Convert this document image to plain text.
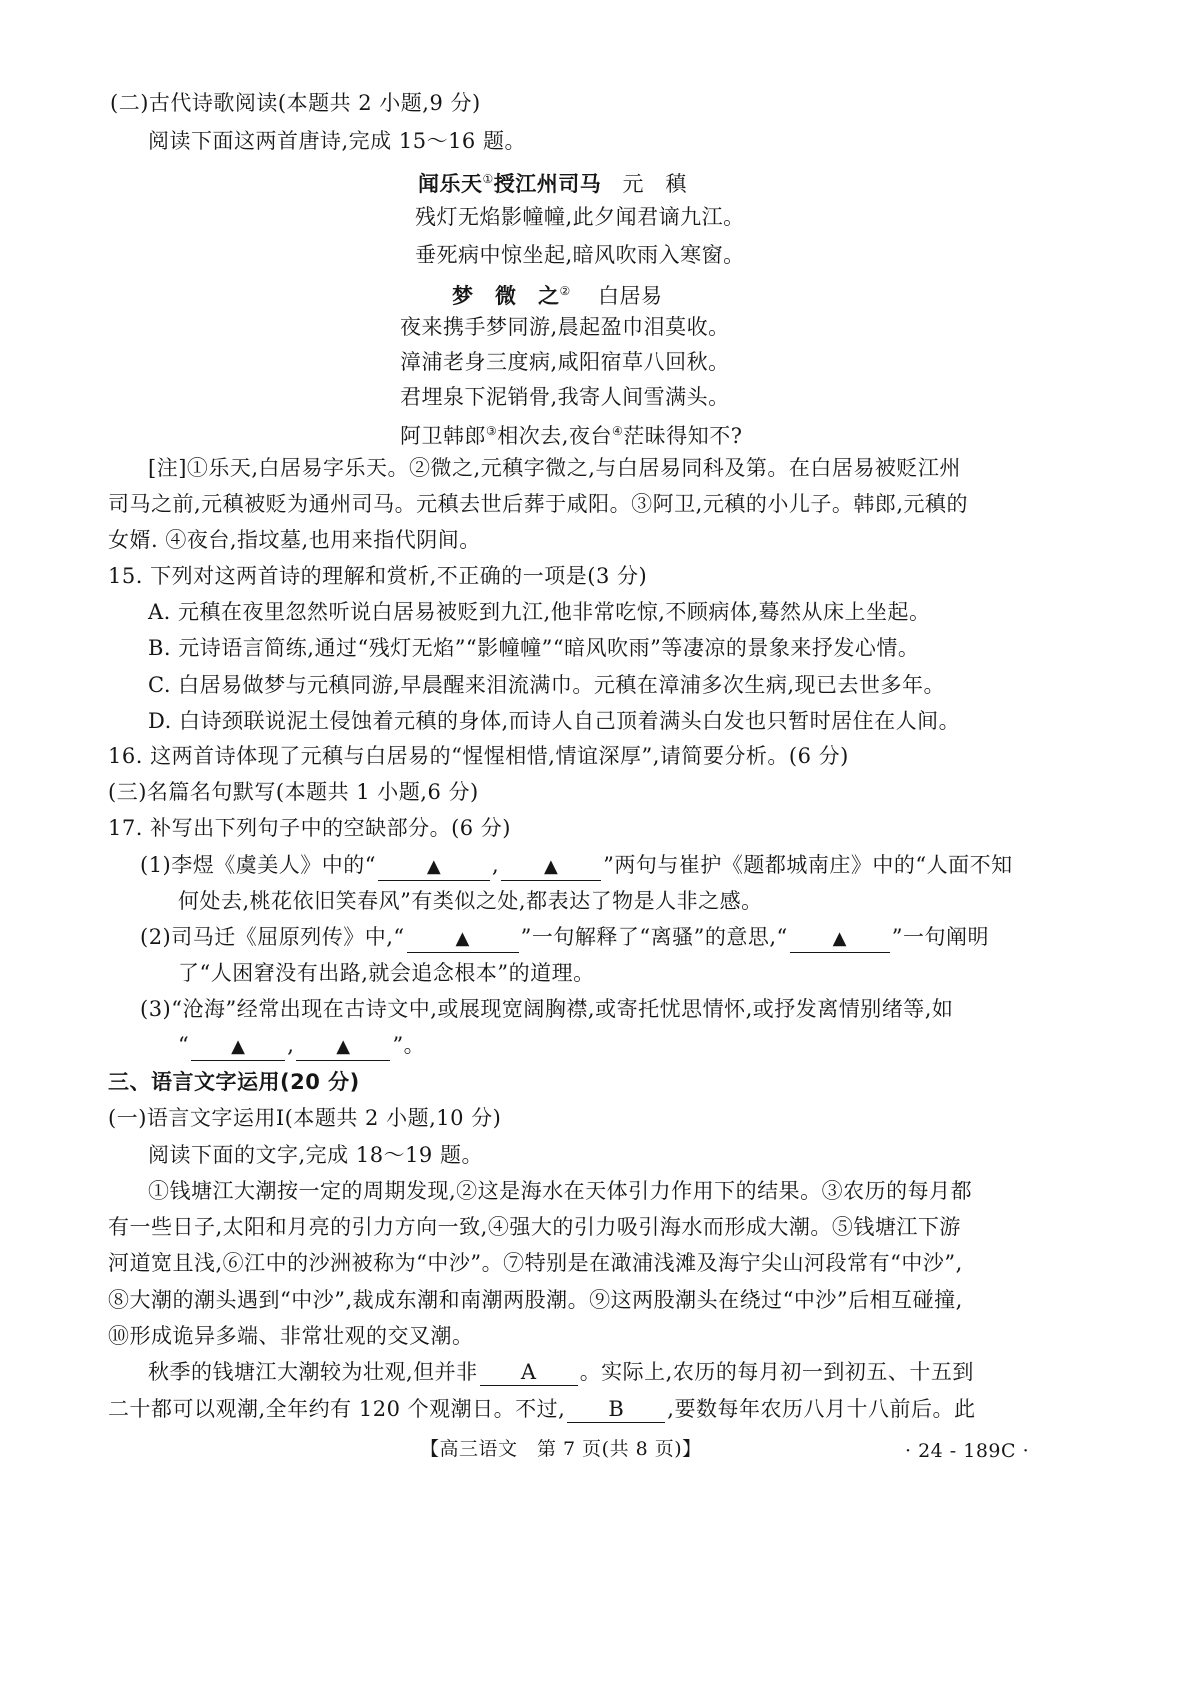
(二)古代诗歌阅读(本题共 2 小题,9 分)
阅读下面这两首唐诗,完成 15～16 题。
闻乐天①授江州司马 元　稹
残灯无焰影幢幢,此夕闻君谪九江。
垂死病中惊坐起,暗风吹雨入寒窗。
梦　微　之② 白居易
夜来携手梦同游,晨起盈巾泪莫收。
漳浦老身三度病,咸阳宿草八回秋。
君埋泉下泥销骨,我寄人间雪满头。
阿卫韩郎③相次去,夜台④茫昧得知不?
[注]①乐天,白居易字乐天。②微之,元稹字微之,与白居易同科及第。在白居易被贬江州
司马之前,元稹被贬为通州司马。元稹去世后葬于咸阳。③阿卫,元稹的小儿子。韩郎,元稹的
女婿. ④夜台,指坟墓,也用来指代阴间。
15. 下列对这两首诗的理解和赏析,不正确的一项是(3 分)
A. 元稹在夜里忽然听说白居易被贬到九江,他非常吃惊,不顾病体,蓦然从床上坐起。
B. 元诗语言简练,通过“残灯无焰”“影幢幢”“暗风吹雨”等凄凉的景象来抒发心情。
C. 白居易做梦与元稹同游,早晨醒来泪流满巾。元稹在漳浦多次生病,现已去世多年。
D. 白诗颈联说泥土侵蚀着元稹的身体,而诗人自己顶着满头白发也只暂时居住在人间。
16. 这两首诗体现了元稹与白居易的“惺惺相惜,情谊深厚”,请简要分析。(6 分)
(三)名篇名句默写(本题共 1 小题,6 分)
17. 补写出下列句子中的空缺部分。(6 分)
(1)李煜《虞美人》中的“	▲ , ▲ ”两句与崔护《题都城南庄》中的“人面不知
何处去,桃花依旧笑春风”有类似之处,都表达了物是人非之感。
(2)司马迁《屈原列传》中,“	▲ ”一句解释了“离骚”的意思,“ ▲ ”一句阐明
了“人困窘没有出路,就会追念根本”的道理。
(3)“沧海”经常出现在古诗文中,或展现宽阔胸襟,或寄托忧思情怀,或抒发离情别绪等,如
“ ▲ , ▲ ”。
三、语言文字运用(20 分)
(一)语言文字运用Ⅰ(本题共 2 小题,10 分)
阅读下面的文字,完成 18～19 题。
①钱塘江大潮按一定的周期发现,②这是海水在天体引力作用下的结果。③农历的每月都
有一些日子,太阳和月亮的引力方向一致,④强大的引力吸引海水而形成大潮。⑤钱塘江下游
河道宽且浅,⑥江中的沙洲被称为“中沙”。⑦特别是在澉浦浅滩及海宁尖山河段常有“中沙”,
⑧大潮的潮头遇到“中沙”,裁成东潮和南潮两股潮。⑨这两股潮头在绕过“中沙”后相互碰撞,
⑩形成诡异多端、非常壮观的交叉潮。
秋季的钱塘江大潮较为壮观,但并非 A 。实际上,农历的每月初一到初五、十五到
二十都可以观潮,全年约有 120 个观潮日。不过, B ,要数每年农历八月十八前后。此
【高三语文　第 7 页(共 8 页)】	· 24 - 189C ·
